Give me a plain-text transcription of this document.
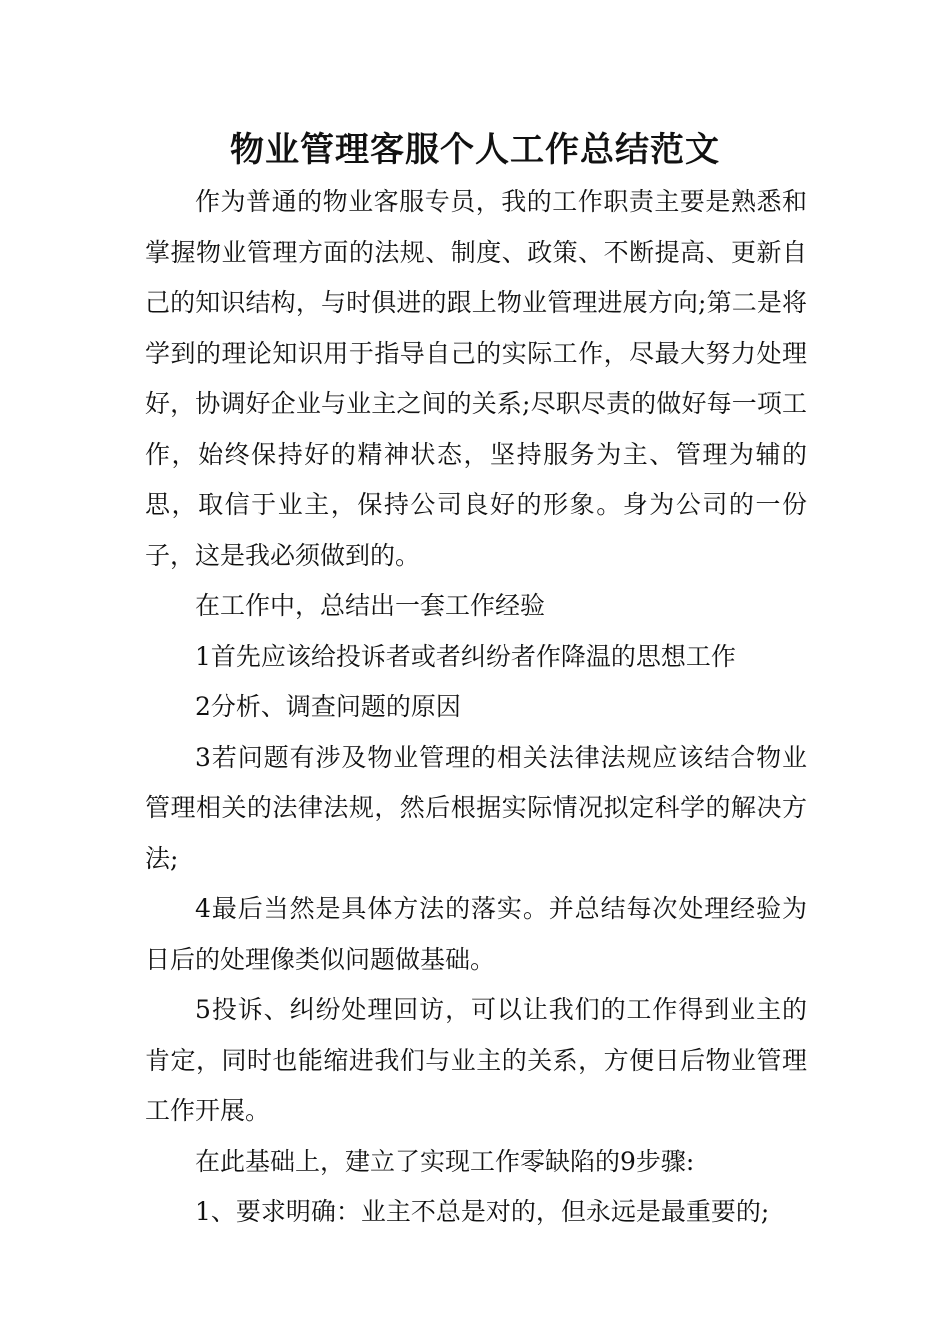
物业管理客服个人工作总结范文

作为普通的物业客服专员，我的工作职责主要是熟悉和掌握物业管理方面的法规、制度、政策、不断提高、更新自己的知识结构，与时俱进的跟上物业管理进展方向;第二是将学到的理论知识用于指导自己的实际工作，尽最大努力处理好，协调好企业与业主之间的关系;尽职尽责的做好每一项工作，始终保持好的精神状态，坚持服务为主、管理为辅的思，取信于业主，保持公司良好的形象。身为公司的一份子，这是我必须做到的。

在工作中，总结出一套工作经验

1首先应该给投诉者或者纠纷者作降温的思想工作

2分析、调查问题的原因

3若问题有涉及物业管理的相关法律法规应该结合物业管理相关的法律法规，然后根据实际情况拟定科学的解决方法;

4最后当然是具体方法的落实。并总结每次处理经验为日后的处理像类似问题做基础。

5投诉、纠纷处理回访，可以让我们的工作得到业主的肯定，同时也能缩进我们与业主的关系，方便日后物业管理工作开展。

在此基础上，建立了实现工作零缺陷的9步骤:

1、要求明确：业主不总是对的，但永远是最重要的;
